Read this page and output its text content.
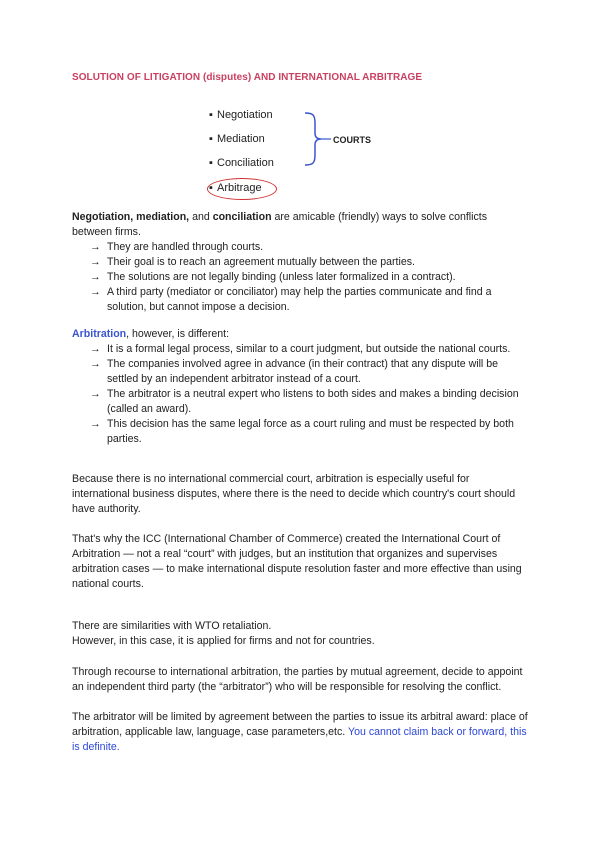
SOLUTION OF LITIGATION (disputes) AND INTERNATIONAL ARBITRAGE
▪ Negotiation
▪ Mediation
▪ Conciliation
▪ Arbitrage
COURTS
Negotiation, mediation, and conciliation are amicable (friendly) ways to solve conflicts between firms.
→ They are handled through courts.
→ Their goal is to reach an agreement mutually between the parties.
→ The solutions are not legally binding (unless later formalized in a contract).
→ A third party (mediator or conciliator) may help the parties communicate and find a solution, but cannot impose a decision.
Arbitration, however, is different:
→ It is a formal legal process, similar to a court judgment, but outside the national courts.
→ The companies involved agree in advance (in their contract) that any dispute will be settled by an independent arbitrator instead of a court.
→ The arbitrator is a neutral expert who listens to both sides and makes a binding decision (called an award).
→ This decision has the same legal force as a court ruling and must be respected by both parties.
Because there is no international commercial court, arbitration is especially useful for international business disputes, where there is the need to decide which country's court should have authority.
That's why the ICC (International Chamber of Commerce) created the International Court of Arbitration — not a real “court” with judges, but an institution that organizes and supervises arbitration cases — to make international dispute resolution faster and more effective than using national courts.
There are similarities with WTO retaliation.
However, in this case, it is applied for firms and not for countries.
Through recourse to international arbitration, the parties by mutual agreement, decide to appoint an independent third party (the “arbitrator”) who will be responsible for resolving the conflict.
The arbitrator will be limited by agreement between the parties to issue its arbitral award: place of arbitration, applicable law, language, case parameters,etc. You cannot claim back or forward, this is definite.
